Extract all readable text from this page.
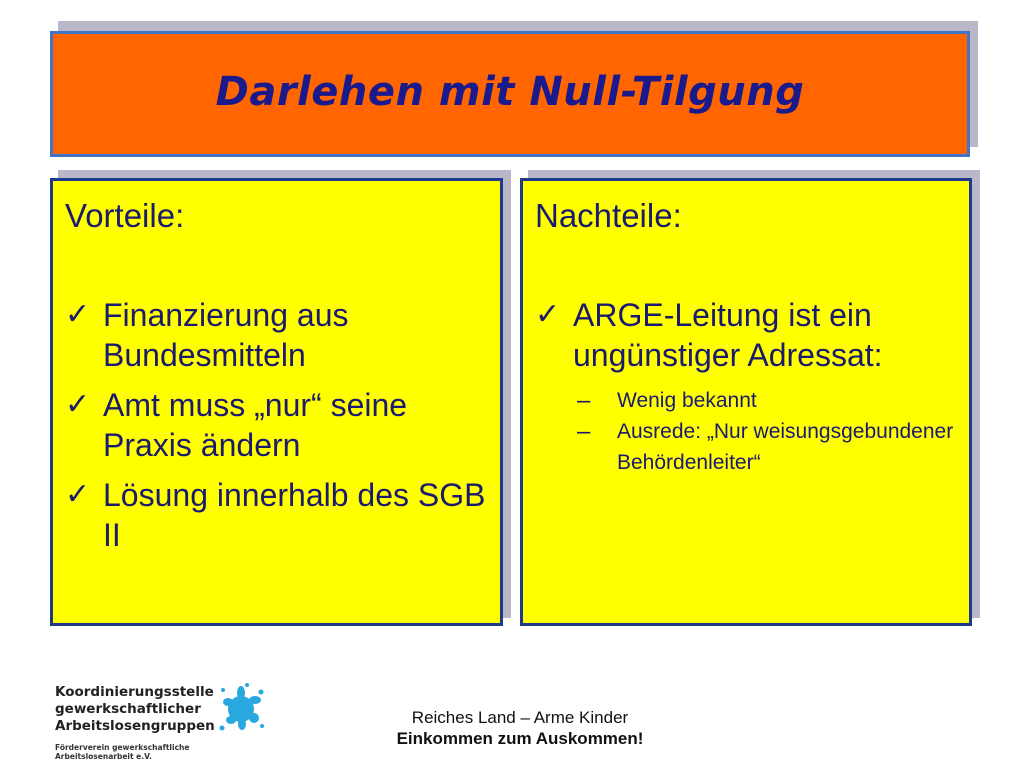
Darlehen mit Null-Tilgung
Vorteile:
✓ Finanzierung aus Bundesmitteln
✓ Amt muss „nur“ seine Praxis ändern
✓ Lösung innerhalb des SGB II
Nachteile:
✓ ARGE-Leitung ist ein ungünstiger Adressat:
–	Wenig bekannt
–	Ausrede: „Nur weisungsgebundener Behördenleiter“
Koordinierungsstelle
gewerkschaftlicher
Arbeitslosengruppen
Förderverein gewerkschaftliche Arbeitslosenarbeit e.V.
Reiches Land – Arme Kinder
Einkommen zum Auskommen!
